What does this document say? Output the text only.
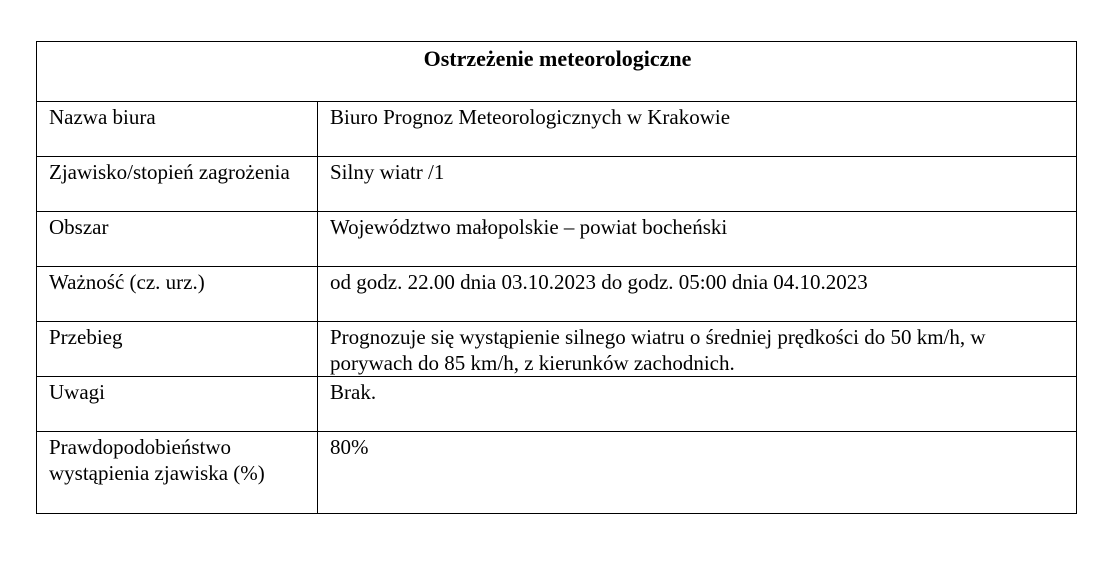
Ostrzeżenie meteorologiczne	
Nazwa biura	Biuro Prognoz Meteorologicznych w Krakowie
Zjawisko/stopień zagrożenia	Silny wiatr /1
Obszar	Województwo małopolskie – powiat bocheński
Ważność (cz. urz.)	od godz. 22.00 dnia 03.10.2023 do godz. 05:00 dnia 04.10.2023
Przebieg	Prognozuje się wystąpienie silnego wiatru o średniej prędkości do 50 km/h, w porywach do 85 km/h, z kierunków zachodnich.
Uwagi	Brak.
Prawdopodobieństwo wystąpienia zjawiska (%)	80%
